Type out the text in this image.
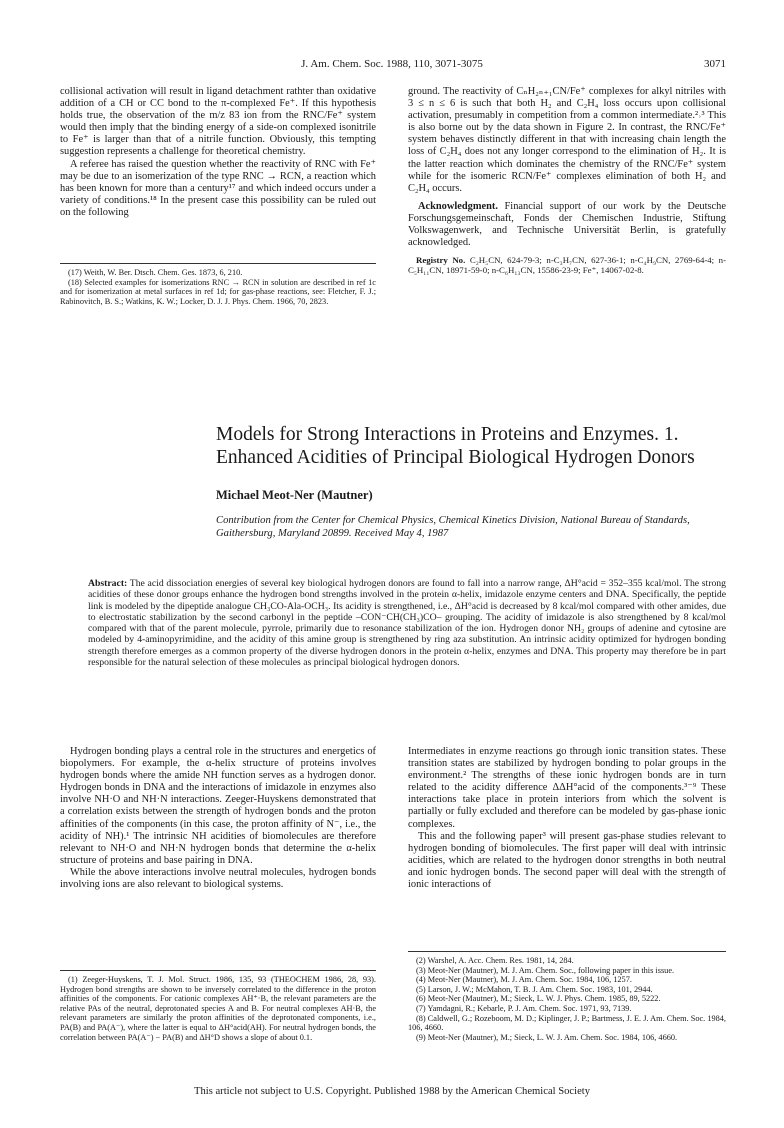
J. Am. Chem. Soc. 1988, 110, 3071-3075	3071

collisional activation will result in ligand detachment rathter than oxidative addition of a CH or CC bond to the π-complexed Fe⁺. If this hypothesis holds true, the observation of the m/z 83 ion from the RNC/Fe⁺ system would then imply that the binding energy of a side-on complexed isonitrile to Fe⁺ is larger than that of a nitrile function. Obviously, this tempting suggestion represents a challenge for theoretical chemistry.

A referee has raised the question whether the reactivity of RNC with Fe⁺ may be due to an isomerization of the type RNC → RCN, a reaction which has been known for more than a century¹⁷ and which indeed occurs under a variety of conditions.¹⁸ In the present case this possibility can be ruled out on the following

(17) Weith, W. Ber. Dtsch. Chem. Ges. 1873, 6, 210.

(18) Selected examples for isomerizations RNC → RCN in solution are described in ref 1c and for isomerization at metal surfaces in ref 1d; for gas-phase reactions, see: Fletcher, F. J.; Rabinovitch, B. S.; Watkins, K. W.; Locker, D. J. J. Phys. Chem. 1966, 70, 2823.

ground. The reactivity of CₙH₂ₙ₊₁CN/Fe⁺ complexes for alkyl nitriles with 3 ≤ n ≤ 6 is such that both H₂ and C₂H₄ loss occurs upon collisional activation, presumably in competition from a common intermediate.²˒³ This is also borne out by the data shown in Figure 2. In contrast, the RNC/Fe⁺ system behaves distinctly different in that with increasing chain length the loss of C₂H₄ does not any longer correspond to the elimination of H₂. It is the latter reaction which dominates the chemistry of the RNC/Fe⁺ system while for the isomeric RCN/Fe⁺ complexes elimination of both H₂ and C₂H₄ occurs.

Acknowledgment. Financial support of our work by the Deutsche Forschungsgemeinschaft, Fonds der Chemischen Industrie, Stiftung Volkswagenwerk, and Technische Universität Berlin, is gratefully acknowledged.

Registry No. C₂H₅CN, 624-79-3; n-C₃H₇CN, 627-36-1; n-C₄H₉CN, 2769-64-4; n-C₅H₁₁CN, 18971-59-0; n-C₆H₁₃CN, 15586-23-9; Fe⁺, 14067-02-8.

Models for Strong Interactions in Proteins and Enzymes. 1.
Enhanced Acidities of Principal Biological Hydrogen Donors
Michael Meot-Ner (Mautner)
Contribution from the Center for Chemical Physics, Chemical Kinetics Division, National Bureau of Standards, Gaithersburg, Maryland 20899. Received May 4, 1987
Abstract: The acid dissociation energies of several key biological hydrogen donors are found to fall into a narrow range, ΔH°acid = 352–355 kcal/mol. The strong acidities of these donor groups enhance the hydrogen bond strengths involved in the protein α-helix, imidazole enzyme centers and DNA. Specifically, the peptide link is modeled by the dipeptide analogue CH₃CO-Ala-OCH₃. Its acidity is strengthened, i.e., ΔH°acid is decreased by 8 kcal/mol compared with other amides, due to electrostatic stabilization by the second carbonyl in the peptide –CON⁻CH(CH₃)CO– grouping. The acidity of imidazole is also strengthened by 8 kcal/mol compared with that of the parent molecule, pyrrole, primarily due to resonance stabilization of the ion. Hydrogen donor NH₂ groups of adenine and cytosine are modeled by 4-aminopyrimidine, and the acidity of this amine group is strengthened by ring aza substitution. An intrinsic acidity optimized for hydrogen bonding strength therefore emerges as a common property of the diverse hydrogen donors in the protein α-helix, enzymes and DNA. This property may therefore be in part responsible for the natural selection of these molecules as principal biological hydrogen donors.

Hydrogen bonding plays a central role in the structures and energetics of biopolymers. For example, the α-helix structure of proteins involves hydrogen bonds where the amide NH function serves as a hydrogen donor. Hydrogen bonds in DNA and the interactions of imidazole in enzymes also involve NH·O and NH·N interactions. Zeeger-Huyskens demonstrated that a correlation exists between the strength of hydrogen bonds and the proton affinities of the components (in this case, the proton affinity of N⁻, i.e., the acidity of NH).¹ The intrinsic NH acidities of biomolecules are therefore relevant to NH·O and NH·N hydrogen bonds that determine the α-helix structure of proteins and base pairing in DNA.

While the above interactions involve neutral molecules, hydrogen bonds involving ions are also relevant to biological systems.

(1) Zeeger-Huyskens, T. J. Mol. Struct. 1986, 135, 93 (THEOCHEM 1986, 28, 93). Hydrogen bond strengths are shown to be inversely correlated to the difference in the proton affinities of the components. For cationic complexes AH⁺·B, the relevant parameters are the relative PAs of the neutral, deprotonated species A and B. For neutral complexes AH·B, the relevant parameters are similarly the proton affinities of the deprotonated components, i.e., PA(B) and PA(A⁻), where the latter is equal to ΔH°acid(AH). For neutral hydrogen bonds, the correlation between PA(A⁻) − PA(B) and ΔH°D shows a slope of about 0.1.

Intermediates in enzyme reactions go through ionic transition states. These transition states are stabilized by hydrogen bonding to polar groups in the environment.² The strengths of these ionic hydrogen bonds are in turn related to the acidity difference ΔΔH°acid of the components.³⁻⁹ These interactions take place in protein interiors from which the solvent is partially or fully excluded and therefore can be modeled by gas-phase ionic complexes.

This and the following paper³ will present gas-phase studies relevant to hydrogen bonding of biomolecules. The first paper will deal with intrinsic acidities, which are related to the hydrogen donor strengths in both neutral and ionic hydrogen bonds. The second paper will deal with the strength of ionic interactions of

(2) Warshel, A. Acc. Chem. Res. 1981, 14, 284.

(3) Meot-Ner (Mautner), M. J. Am. Chem. Soc., following paper in this issue.

(4) Meot-Ner (Mautner), M. J. Am. Chem. Soc. 1984, 106, 1257.

(5) Larson, J. W.; McMahon, T. B. J. Am. Chem. Soc. 1983, 101, 2944.

(6) Meot-Ner (Mautner), M.; Sieck, L. W. J. Phys. Chem. 1985, 89, 5222.

(7) Yamdagni, R.; Kebarle, P. J. Am. Chem. Soc. 1971, 93, 7139.

(8) Caldwell, G.; Rozeboom, M. D.; Kiplinger, J. P.; Bartmess, J. E. J. Am. Chem. Soc. 1984, 106, 4660.

(9) Meot-Ner (Mautner), M.; Sieck, L. W. J. Am. Chem. Soc. 1984, 106, 4660.

This article not subject to U.S. Copyright. Published 1988 by the American Chemical Society
